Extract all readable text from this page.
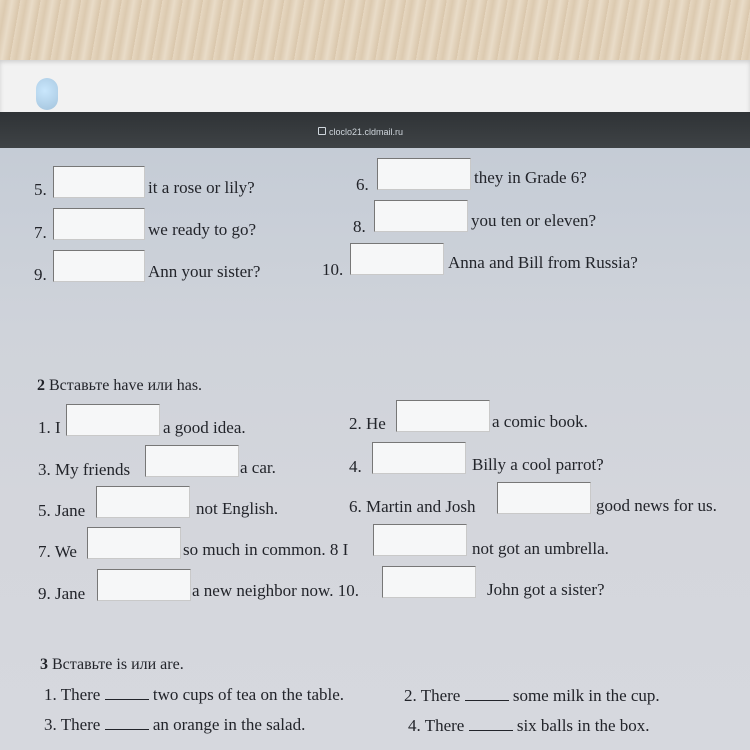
cloclo21.cldmail.ru
5.	it a rose or lily?	6.	they in Grade 6?
7.	we ready to go?	8.	you ten or eleven?
9.	Ann your sister?	10.	Anna and Bill from Russia?
2 Вставьте have или has.
1. I	a good idea.	2. He	a comic book.
3. My friends	a car.	4.	Billy a cool parrot?
5. Jane	not English.	6. Martin and Josh	good news for us.
7. We	so much in common. 8 I	not got an umbrella.
9. Jane	a new neighbor now. 10.	John got a sister?
3 Вставьте is или are.
1. There	two cups of tea on the table.	2. There	some milk in the cup.
3. There	an orange in the salad.	4. There	six balls in the box.
